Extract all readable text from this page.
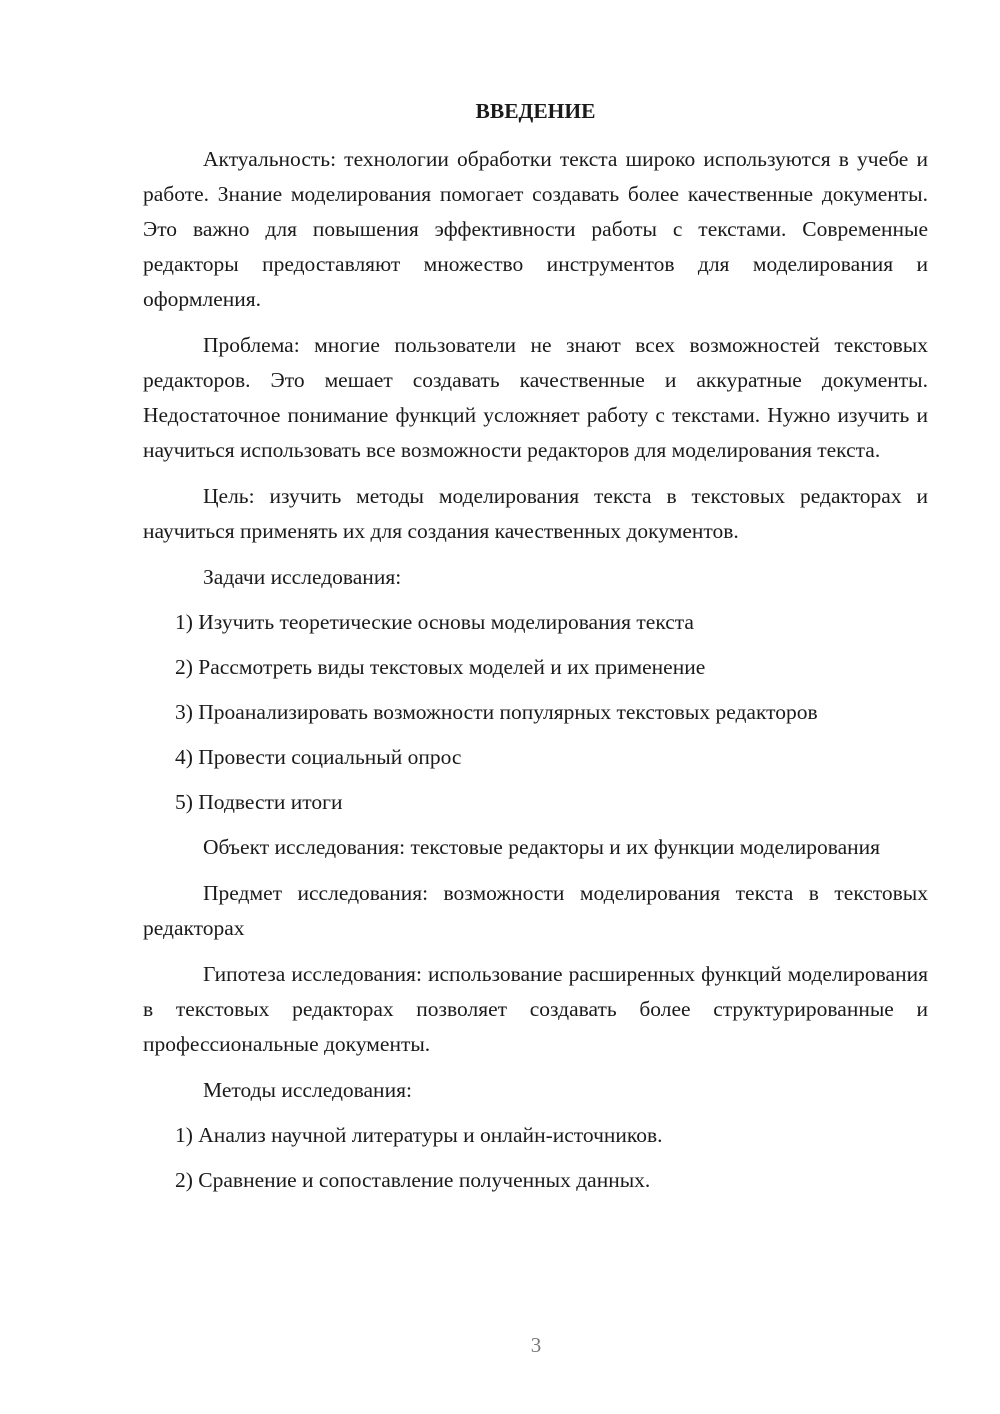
ВВЕДЕНИЕ
Актуальность: технологии обработки текста широко используются в учебе и работе. Знание моделирования помогает создавать более качественные документы. Это важно для повышения эффективности работы с текстами. Современные редакторы предоставляют множество инструментов для моделирования и оформления.
Проблема: многие пользователи не знают всех возможностей текстовых редакторов. Это мешает создавать качественные и аккуратные документы. Недостаточное понимание функций усложняет работу с текстами. Нужно изучить и научиться использовать все возможности редакторов для моделирования текста.
Цель: изучить методы моделирования текста в текстовых редакторах и научиться применять их для создания качественных документов.
Задачи исследования:
1) Изучить теоретические основы моделирования текста
2) Рассмотреть виды текстовых моделей и их применение
3) Проанализировать возможности популярных текстовых редакторов
4) Провести социальный опрос
5) Подвести итоги
Объект исследования: текстовые редакторы и их функции моделирования
Предмет исследования: возможности моделирования текста в текстовых редакторах
Гипотеза исследования: использование расширенных функций моделирования в текстовых редакторах позволяет создавать более структурированные и профессиональные документы.
Методы исследования:
1) Анализ научной литературы и онлайн-источников.
2) Сравнение и сопоставление полученных данных.
3
